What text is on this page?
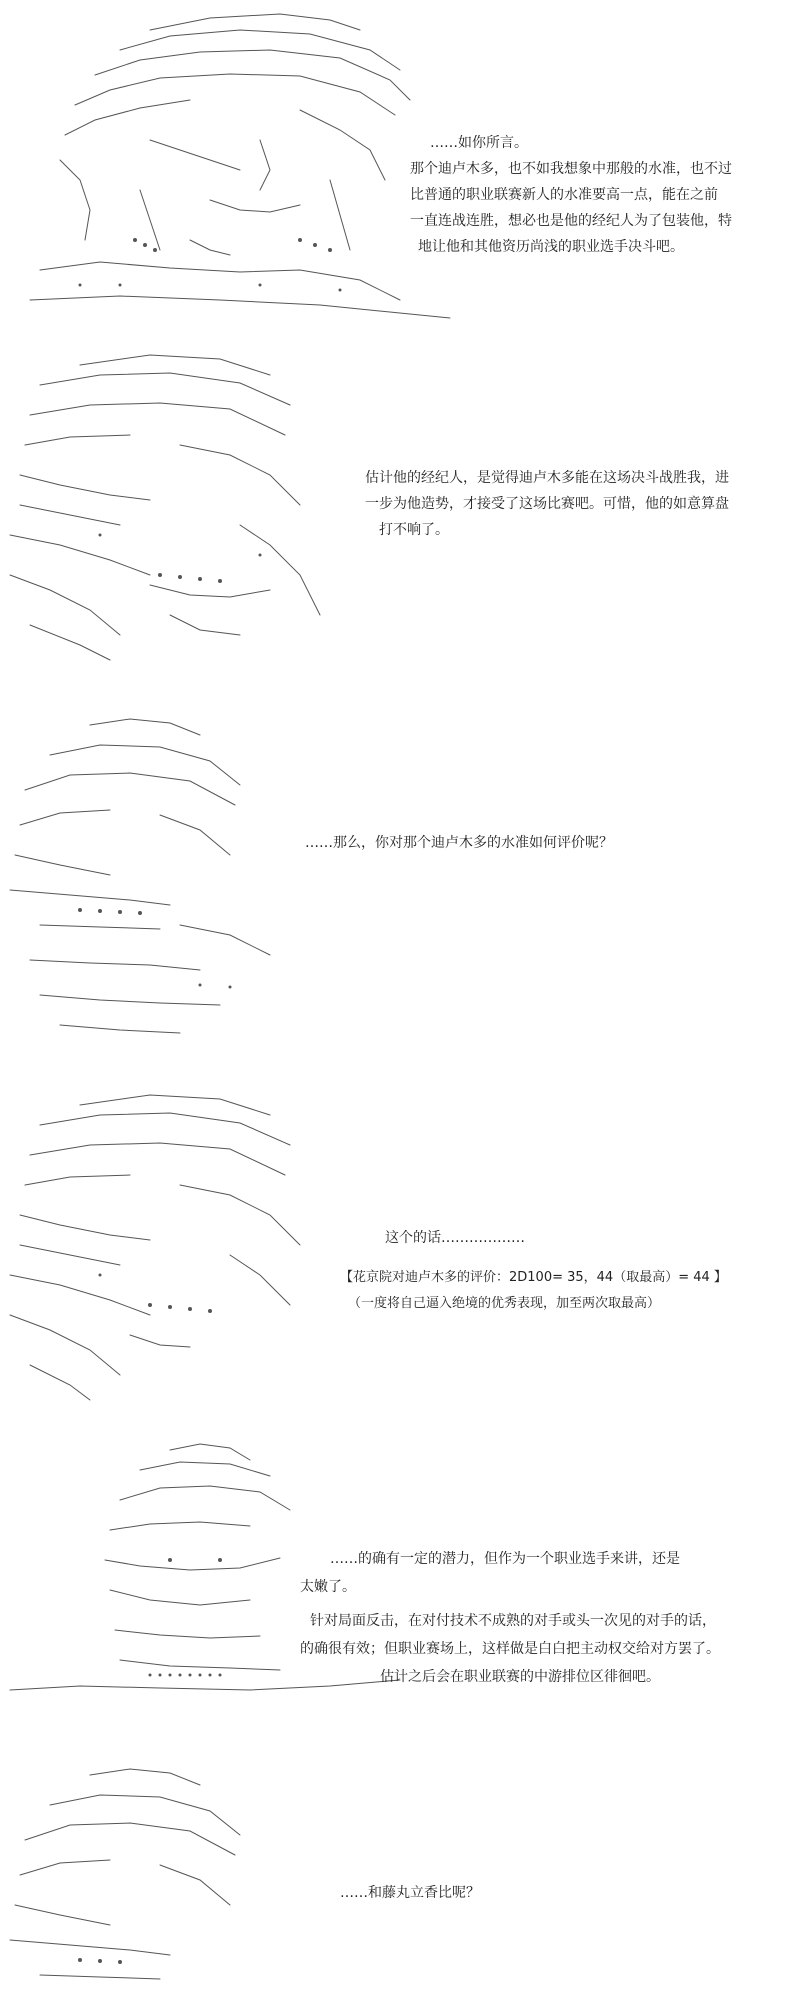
……如你所言。
那个迪卢木多，也不如我想象中那般的水准，也不过
比普通的职业联赛新人的水准要高一点，能在之前
一直连战连胜，想必也是他的经纪人为了包装他，特
地让他和其他资历尚浅的职业选手决斗吧。
估计他的经纪人，是觉得迪卢木多能在这场决斗战胜我，进
一步为他造势，才接受了这场比赛吧。可惜，他的如意算盘
打不响了。
……那么，你对那个迪卢木多的水准如何评价呢？
这个的话………………
【花京院对迪卢木多的评价：2D100= 35，44（取最高）= 44 】
（一度将自己逼入绝境的优秀表现，加至两次取最高）
……的确有一定的潜力，但作为一个职业选手来讲，还是
太嫩了。
针对局面反击，在对付技术不成熟的对手或头一次见的对手的话，
的确很有效；但职业赛场上，这样做是白白把主动权交给对方罢了。
估计之后会在职业联赛的中游排位区徘徊吧。
……和藤丸立香比呢？
